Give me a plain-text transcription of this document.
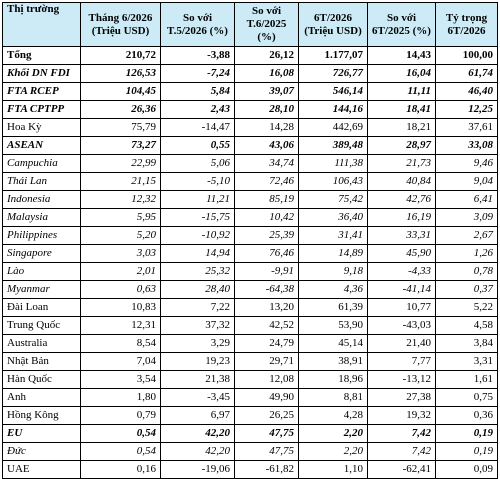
Thị trường	Tháng 6/2026 (Triệu USD)	So với T.5/2026 (%)	So với T.6/2025 (%)	6T/2026 (Triệu USD)	So với 6T/2025 (%)	Tỷ trọng 6T/2026
Tổng	210,72	-3,88	26,12	1.177,07	14,43	100,00
Khối DN FDI	126,53	-7,24	16,08	726,77	16,04	61,74
FTA RCEP	104,45	5,84	39,07	546,14	11,11	46,40
FTA CPTPP	26,36	2,43	28,10	144,16	18,41	12,25
Hoa Kỳ	75,79	-14,47	14,28	442,69	18,21	37,61
ASEAN	73,27	0,55	43,06	389,48	28,97	33,08
Campuchia	22,99	5,06	34,74	111,38	21,73	9,46
Thái Lan	21,15	-5,10	72,46	106,43	40,84	9,04
Indonesia	12,32	11,21	85,19	75,42	42,76	6,41
Malaysia	5,95	-15,75	10,42	36,40	16,19	3,09
Philippines	5,20	-10,92	25,39	31,41	33,31	2,67
Singapore	3,03	14,94	76,46	14,89	45,90	1,26
Lào	2,01	25,32	-9,91	9,18	-4,33	0,78
Myanmar	0,63	28,40	-64,38	4,36	-41,14	0,37
Đài Loan	10,83	7,22	13,20	61,39	10,77	5,22
Trung Quốc	12,31	37,32	42,52	53,90	-43,03	4,58
Australia	8,54	3,29	24,79	45,14	21,40	3,84
Nhật Bản	7,04	19,23	29,71	38,91	7,77	3,31
Hàn Quốc	3,54	21,38	12,08	18,96	-13,12	1,61
Anh	1,80	-3,45	49,90	8,81	27,38	0,75
Hồng Kông	0,79	6,97	26,25	4,28	19,32	0,36
EU	0,54	42,20	47,75	2,20	7,42	0,19
Đức	0,54	42,20	47,75	2,20	7,42	0,19
UAE	0,16	-19,06	-61,82	1,10	-62,41	0,09
